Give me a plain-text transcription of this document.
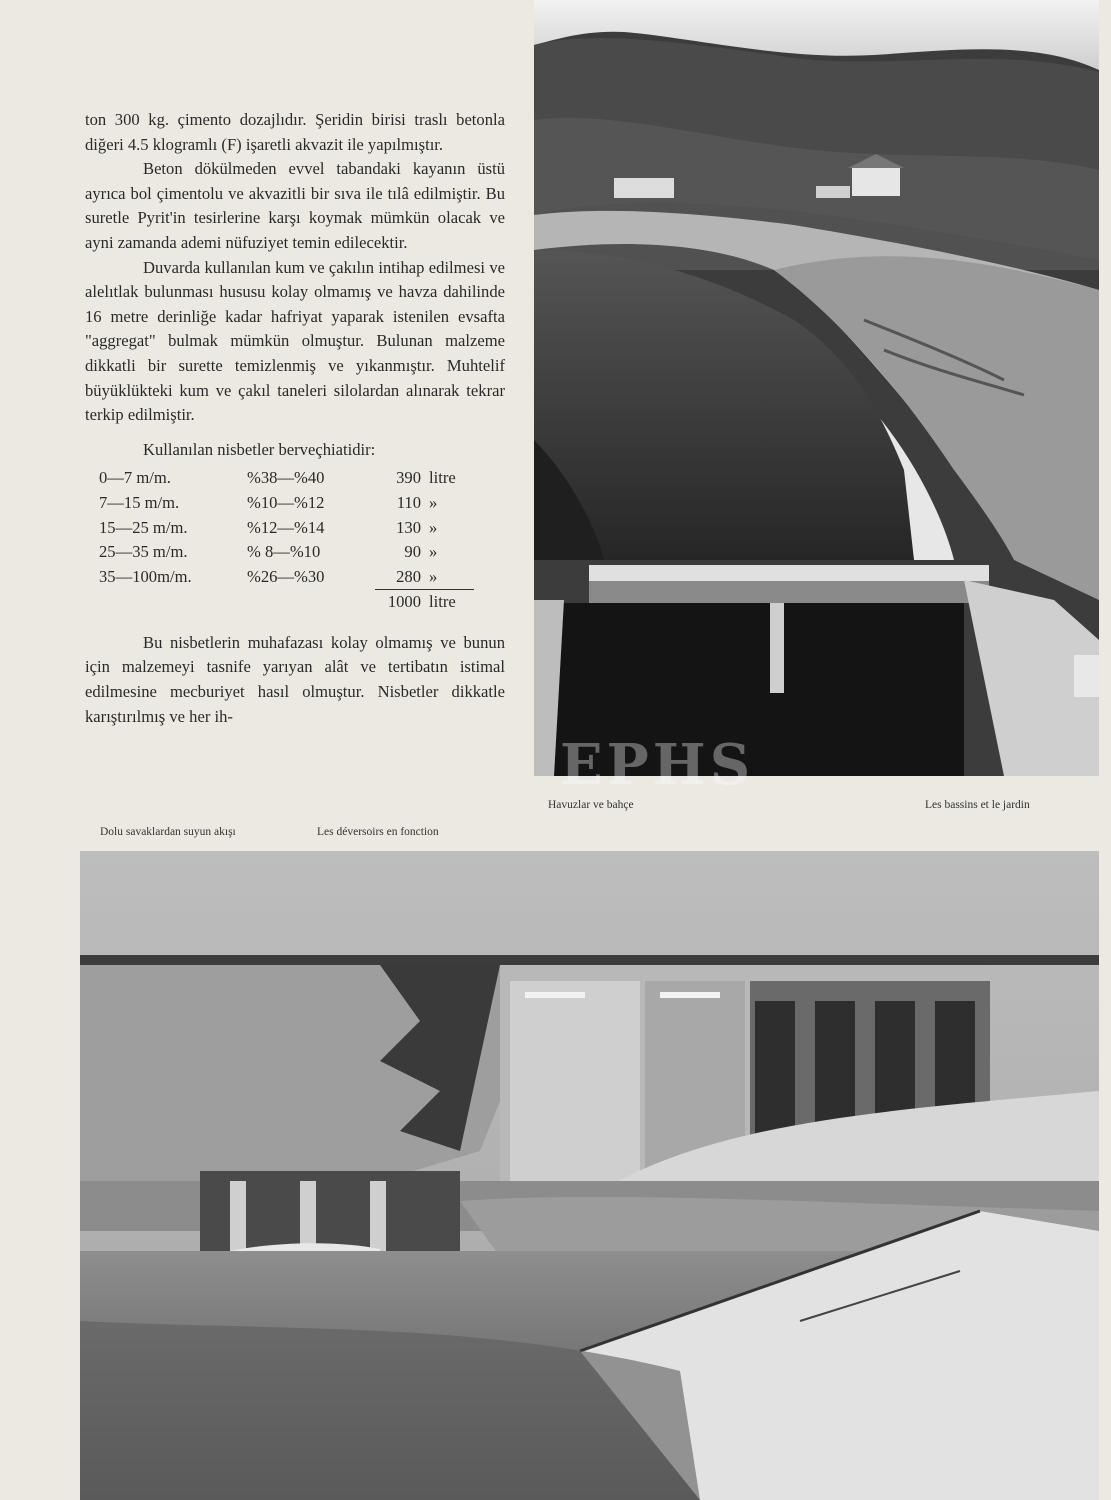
ton 300 kg. çimento dozajlıdır. Şeridin birisi traslı betonla diğeri 4.5 klogramlı (F) işaretli akvazit ile yapılmıştır.

Beton dökülmeden evvel tabandaki kayanın üstü ayrıca bol çimentolu ve akvazitli bir sıva ile tılâ edilmiştir. Bu suretle Pyrit'in tesirlerine karşı koymak mümkün olacak ve ayni zamanda ademi nüfuziyet temin edilecektir.

Duvarda kullanılan kum ve çakılın intihap edilmesi ve alelıtlak bulunması hususu kolay olmamış ve havza dahilinde 16 metre derinliğe kadar hafriyat yaparak istenilen evsafta "aggregat" bulmak mümkün olmuştur. Bulunan malzeme dikkatli bir surette temizlenmiş ve yıkanmıştır. Muhtelif büyüklükteki kum ve çakıl taneleri silolardan alınarak tekrar terkip edilmiştir.

Kullanılan nisbetler berveçhiatidir:

0—7 m/m.	%38—%40	390	litre
7—15 m/m.	%10—%12	110	»
15—25 m/m.	%12—%14	130	»
25—35 m/m.	% 8—%10	90	»
35—100m/m.	%26—%30	280	»
		1000	litre

Bu nisbetlerin muhafazası kolay olmamış ve bunun için malzemeyi tasnife yarıyan alât ve tertibatın istimal edilmesine mecburiyet hasıl olmuştur. Nisbetler dikkatle karıştırılmış ve her ih-

EPHS
Havuzlar ve bahçe	Les bassins et le jardin
Dolu savaklardan suyun akışı	Les déversoirs en fonction
